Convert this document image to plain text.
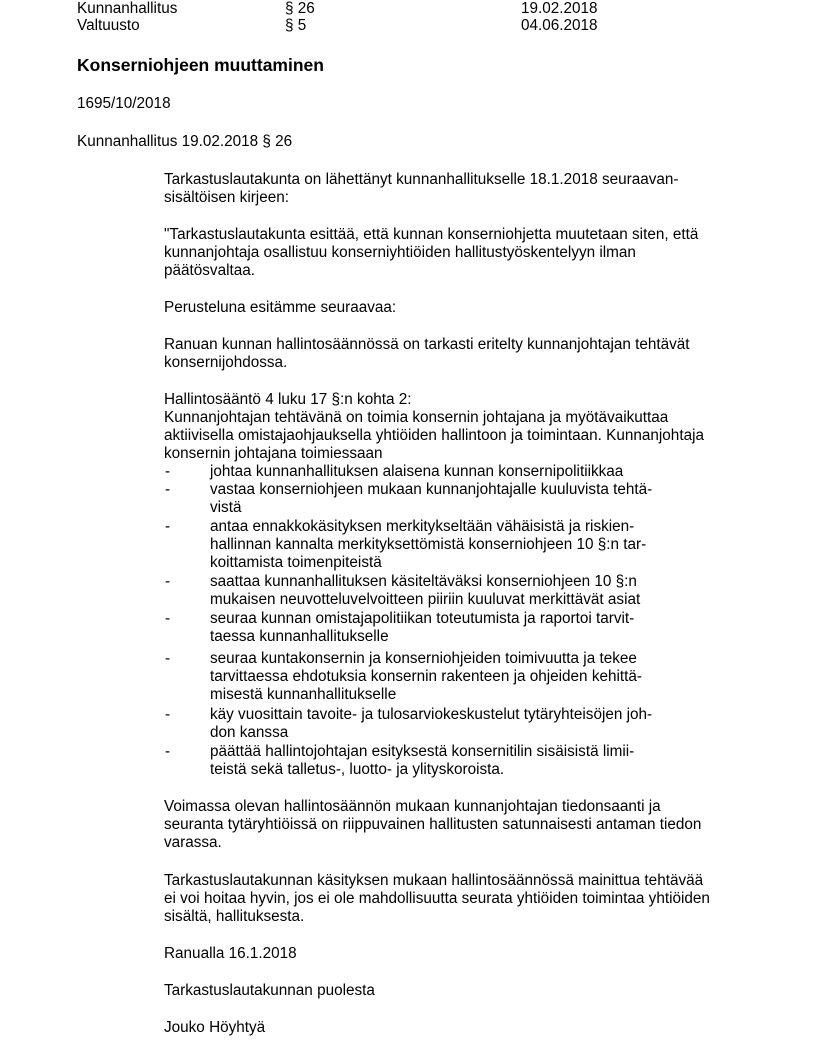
Kunnanhallitus	§ 26	19.02.2018
Valtuusto	§ 5	04.06.2018
Konserniohjeen muuttaminen
1695/10/2018
Kunnanhallitus 19.02.2018 § 26
Tarkastuslautakunta on lähettänyt kunnanhallitukselle 18.1.2018 seuraavan-
sisältöisen kirjeen:
"Tarkastuslautakunta esittää, että kunnan konserniohjetta muutetaan siten, että
kunnanjohtaja osallistuu konserniyhtiöiden hallitustyöskentelyyn ilman
päätösvaltaa.
Perusteluna esitämme seuraavaa:
Ranuan kunnan hallintosäännössä on tarkasti eritelty kunnanjohtajan tehtävät
konsernijohdossa.
Hallintosääntö 4 luku 17 §:n kohta 2:
Kunnanjohtajan tehtävänä on toimia konsernin johtajana ja myötävaikuttaa
aktiivisella omistajaohjauksella yhtiöiden hallintoon ja toimintaan. Kunnanjohtaja
konsernin johtajana toimiessaan
-	johtaa kunnanhallituksen alaisena kunnan konsernipolitiikkaa
-	vastaa konserniohjeen mukaan kunnanjohtajalle kuuluvista tehtä-
vistä
-	antaa ennakkokäsityksen merkitykseltään vähäisistä ja riskien-
hallinnan kannalta merkityksettömistä konserniohjeen 10 §:n tar-
koittamista toimenpiteistä
-	saattaa kunnanhallituksen käsiteltäväksi konserniohjeen 10 §:n
mukaisen neuvotteluvelvoitteen piiriin kuuluvat merkittävät asiat
-	seuraa kunnan omistajapolitiikan toteutumista ja raportoi tarvit-
taessa kunnanhallitukselle
-	seuraa kuntakonsernin ja konserniohjeiden toimivuutta ja tekee
tarvittaessa ehdotuksia konsernin rakenteen ja ohjeiden kehittä-
misestä kunnanhallitukselle
-	käy vuosittain tavoite- ja tulosarviokeskustelut tytäryhteisöjen joh-
don kanssa
-	päättää hallintojohtajan esityksestä konsernitilin sisäisistä limii-
teistä sekä talletus-, luotto- ja ylityskoroista.
Voimassa olevan hallintosäännön mukaan kunnanjohtajan tiedonsaanti ja
seuranta tytäryhtiöissä on riippuvainen hallitusten satunnaisesti antaman tiedon
varassa.
Tarkastuslautakunnan käsityksen mukaan hallintosäännössä mainittua tehtävää
ei voi hoitaa hyvin, jos ei ole mahdollisuutta seurata yhtiöiden toimintaa yhtiöiden
sisältä, hallituksesta.
Ranualla 16.1.2018
Tarkastuslautakunnan puolesta
Jouko Höyhtyä
